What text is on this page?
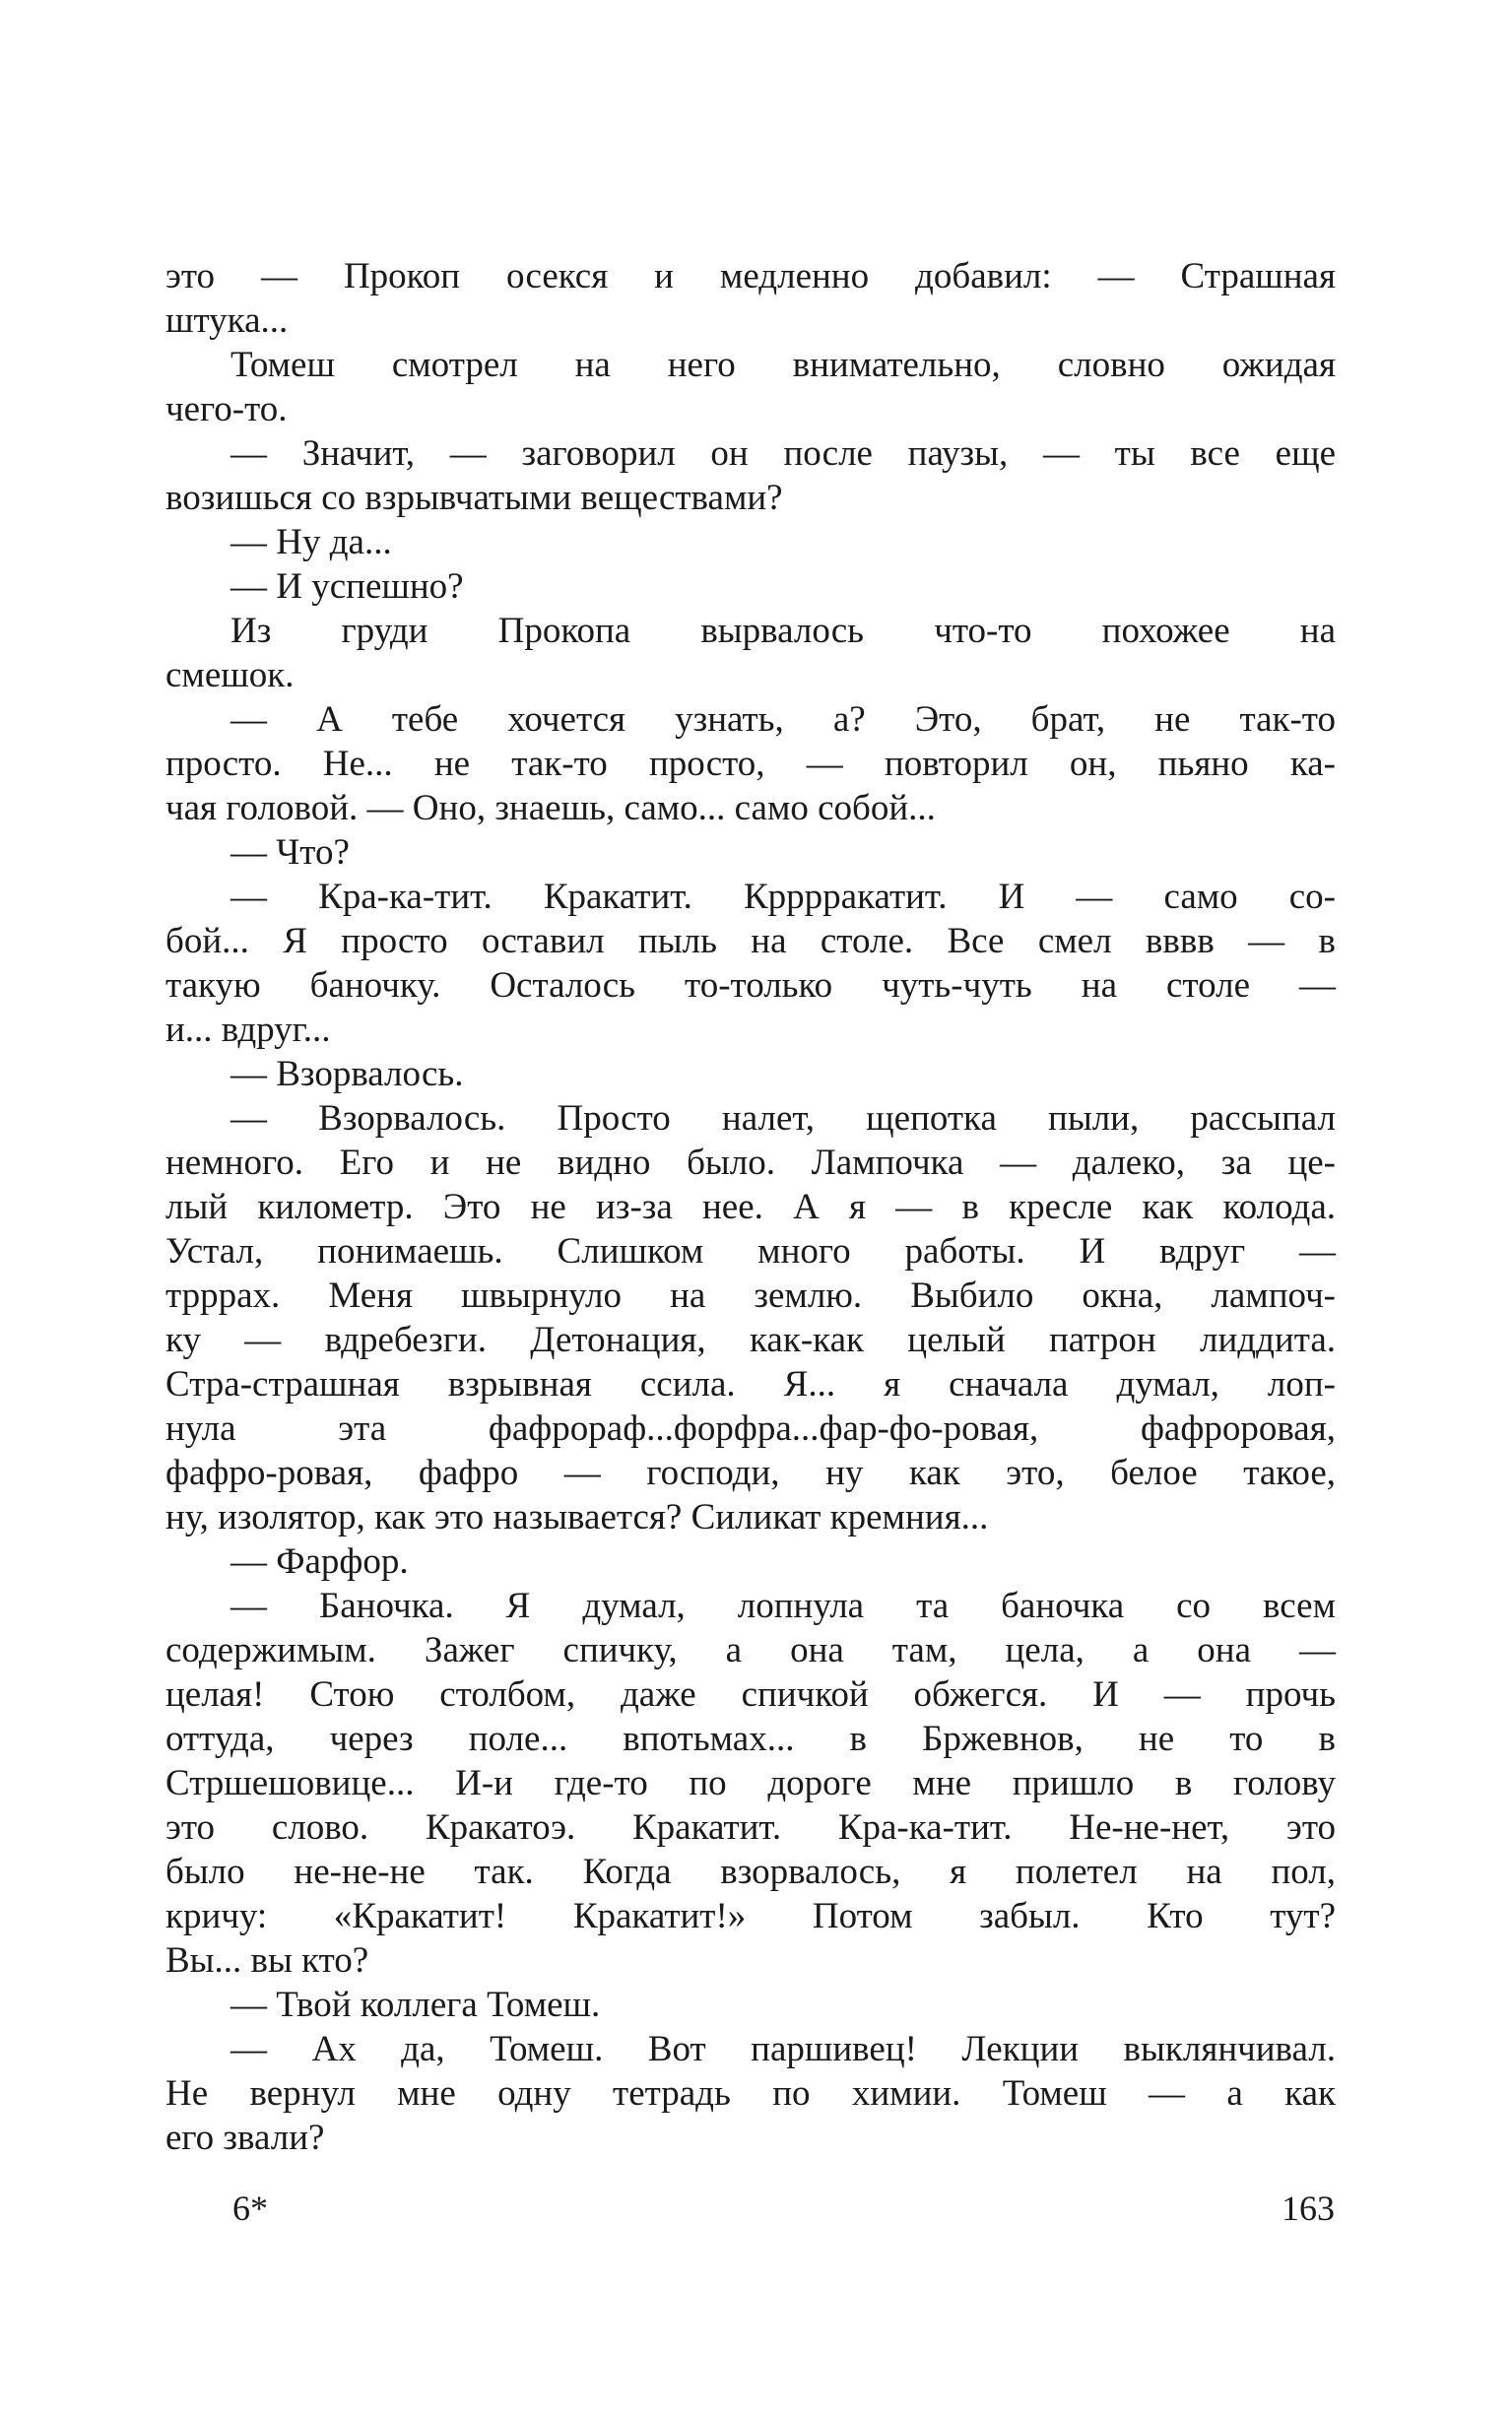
это — Прокоп осекся и медленно добавил: — Страшная
штука...
Томеш смотрел на него внимательно, словно ожидая
чего-то.
— Значит, — заговорил он после паузы, — ты все еще
возишься со взрывчатыми веществами?
— Ну да...
— И успешно?
Из груди Прокопа вырвалось что-то похожее на
смешок.
— А тебе хочется узнать, а? Это, брат, не так-то
просто. Не... не так-то просто, — повторил он, пьяно ка-
чая головой. — Оно, знаешь, само... само собой...
— Что?
— Кра-ка-тит. Кракатит. Крррракатит. И — само со-
бой... Я просто оставил пыль на столе. Все смел вввв — в
такую баночку. Осталось то-только чуть-чуть на столе —
и... вдруг...
— Взорвалось.
— Взорвалось. Просто налет, щепотка пыли, рассыпал
немного. Его и не видно было. Лампочка — далеко, за це-
лый километр. Это не из-за нее. А я — в кресле как колода.
Устал, понимаешь. Слишком много работы. И вдруг —
трррах. Меня швырнуло на землю. Выбило окна, лампоч-
ку — вдребезги. Детонация, как-как целый патрон лиддита.
Стра-страшная взрывная ссила. Я... я сначала думал, лоп-
нула эта фафрораф...форфра...фар-фо-ровая, фафроровая,
фафро-ровая, фафро — господи, ну как это, белое такое,
ну, изолятор, как это называется? Силикат кремния...
— Фарфор.
— Баночка. Я думал, лопнула та баночка со всем
содержимым. Зажег спичку, а она там, цела, а она —
целая! Стою столбом, даже спичкой обжегся. И — прочь
оттуда, через поле... впотьмах... в Бржевнов, не то в
Стршешовице... И-и где-то по дороге мне пришло в голову
это слово. Кракатоэ. Кракатит. Кра-ка-тит. Не-не-нет, это
было не-не-не так. Когда взорвалось, я полетел на пол,
кричу: «Кракатит! Кракатит!» Потом забыл. Кто тут?
Вы... вы кто?
— Твой коллега Томеш.
— Ах да, Томеш. Вот паршивец! Лекции выклянчивал.
Не вернул мне одну тетрадь по химии. Томеш — а как
его звали?
6*	163
